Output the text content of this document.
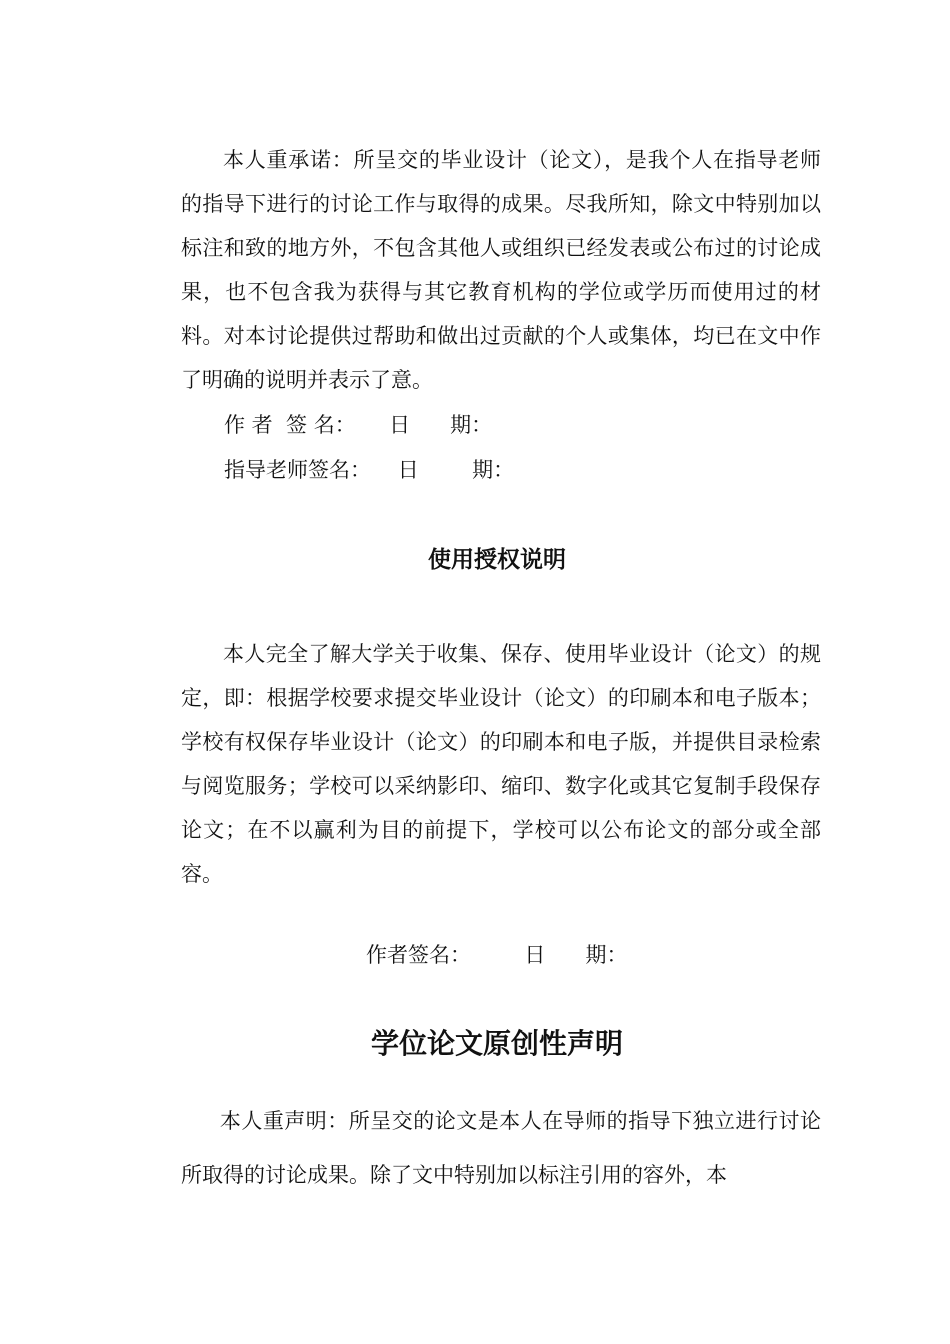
本人重承诺：所呈交的毕业设计（论文），是我个人在指导老师的指导下进行的讨论工作与取得的成果。尽我所知，除文中特别加以标注和致的地方外，不包含其他人或组织已经发表或公布过的讨论成果，也不包含我为获得与其它教育机构的学位或学历而使用过的材料。对本讨论提供过帮助和做出过贡献的个人或集体，均已在文中作了明确的说明并表示了意。

作 者  签 名：     日      期：
指导老师签名：    日        期：
使用授权说明

本人完全了解大学关于收集、保存、使用毕业设计（论文）的规定，即：根据学校要求提交毕业设计（论文）的印刷本和电子版本；学校有权保存毕业设计（论文）的印刷本和电子版，并提供目录检索与阅览服务；学校可以采纳影印、缩印、数字化或其它复制手段保存论文；在不以赢利为目的前提下，学校可以公布论文的部分或全部容。

作者签名：        日      期：
学位论文原创性声明

本人重声明：所呈交的论文是本人在导师的指导下独立进行讨论所取得的讨论成果。除了文中特别加以标注引用的容外，本
